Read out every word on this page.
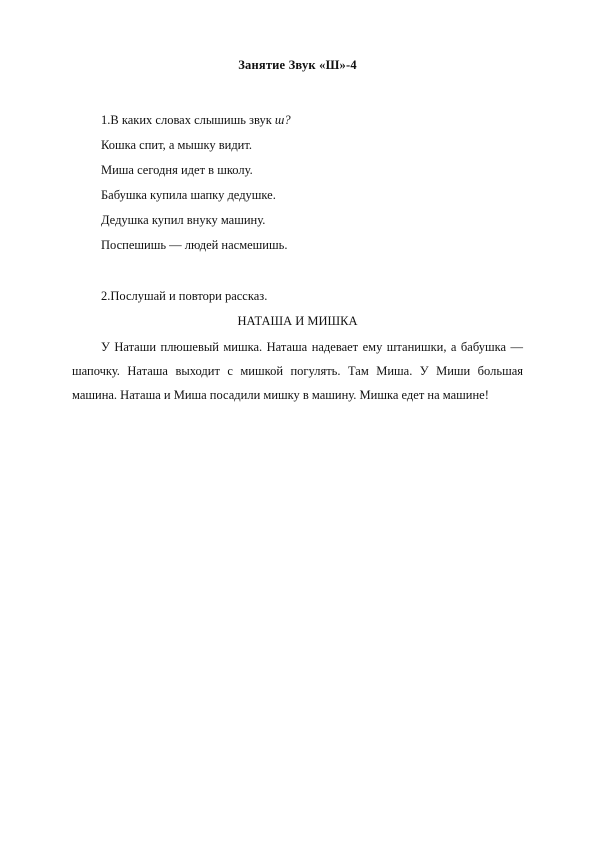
Занятие Звук «Ш»-4
1.В каких словах слышишь звук ш?
Кошка спит, а мышку видит.
Миша сегодня идет в школу.
Бабушка купила шапку дедушке.
Дедушка купил внуку машину.
Поспешишь — людей насмешишь.
2.Послушай и повтори рассказ.
НАТАША И МИШКА
У Наташи плюшевый мишка. Наташа надевает ему штанишки, а бабушка —
шапочку. Наташа выходит с мишкой погулять. Там Миша. У Миши большая
машина. Наташа и Миша посадили мишку в машину. Мишка едет на машине!
